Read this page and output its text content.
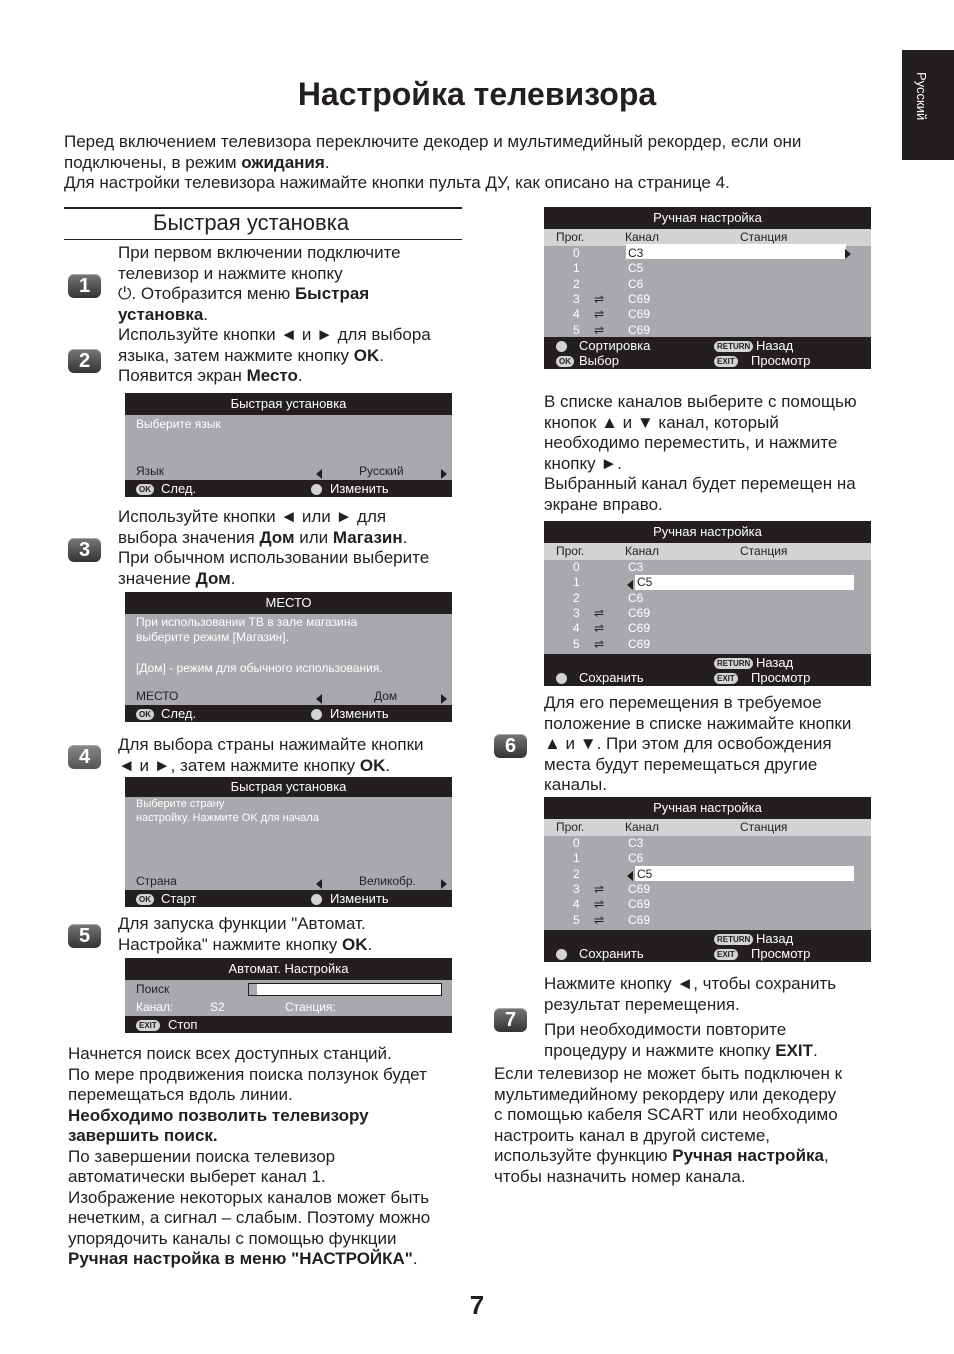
Настройка телевизора	Русский
Перед включением телевизора переключите декодер и мультимедийный рекордер, если они
подключены, в режим ожидания.
Для настройки телевизора нажимайте кнопки пульта ДУ, как описано на странице 4.
Быстрая установка
1
2
3
4
5
6
7
При первом включении подключите
телевизор и нажмите кнопку
⏻. Отобразится меню Быстрая
установка.
Используйте кнопки ◄ и ► для выбора
языка, затем нажмите кнопку OK.
Появится экран Место.
Быстрая установка
Выберите язык
Язык	Русский
OK След.	Изменить
Используйте кнопки ◄ или ► для
выбора значения Дом или Магазин.
При обычном использовании выберите
значение Дом.
МЕСТО
При использовании ТВ в зале магазина
выберите режим [Магазин].
[Дом] - режим для обычного использования.
МЕСТО	Дом
OK След.	Изменить
Для выбора страны нажимайте кнопки
◄ и ►, затем нажмите кнопку OK.
Быстрая установка
Выберите страну
настройку. Нажмите OK для начала
Страна	Великобр.
OK Старт	Изменить
Для запуска функции "Автомат.
Настройка" нажмите кнопку OK.
Автомат. Настройка
Поиск
Канал:	S2	Станция:
EXIT Стоп
Начнется поиск всех доступных станций.
По мере продвижения поиска ползунок будет
перемещаться вдоль линии.
Необходимо позволить телевизору
завершить поиск.
По завершении поиска телевизор
автоматически выберет канал 1.
Изображение некоторых каналов может быть
нечетким, а сигнал – слабым. Поэтому можно
упорядочить каналы с помощью функции
Ручная настройка в меню "НАСТРОЙКА".
Ручная настройка
Прог.	Канал	Станция
0	C3
1	C5
2	C6
3 ⇌ C69
4 ⇌ C69
5 ⇌ C69
Сортировка	RETURN Назад
OK Выбор	EXIT Просмотр
В списке каналов выберите с помощью
кнопок ▲ и ▼ канал, который
необходимо переместить, и нажмите
кнопку ►.
Выбранный канал будет перемещен на
экране вправо.
Ручная настройка
Прог.	Канал	Станция
0	C3
1	C5
2	C6
3 ⇌ C69
4 ⇌ C69
5 ⇌ C69
RETURN Назад
Сохранить	EXIT Просмотр
Для его перемещения в требуемое
положение в списке нажимайте кнопки
▲ и ▼. При этом для освобождения
места будут перемещаться другие
каналы.
Ручная настройка
Прог.	Канал	Станция
0	C3
1	C6
2	C5
3 ⇌ C69
4 ⇌ C69
5 ⇌ C69
RETURN Назад
Сохранить	EXIT Просмотр
Нажмите кнопку ◄, чтобы сохранить
результат перемещения.
При необходимости повторите
процедуру и нажмите кнопку EXIT.
Если телевизор не может быть подключен к
мультимедийному рекордеру или декодеру
с помощью кабеля SCART или необходимо
настроить канал в другой системе,
используйте функцию Ручная настройка,
чтобы назначить номер канала.
7
